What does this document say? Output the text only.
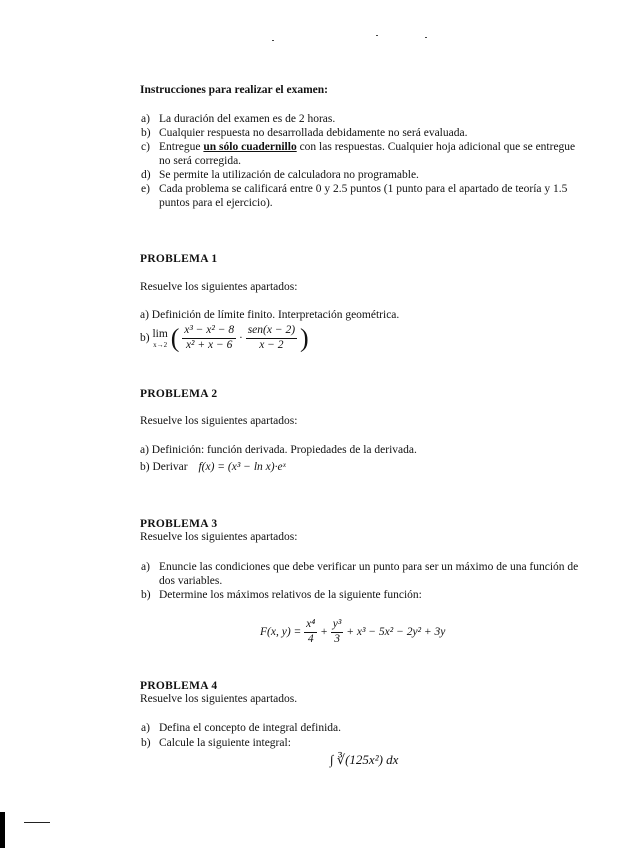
Instrucciones para realizar el examen:
a) La duración del examen es de 2 horas.
b) Cualquier respuesta no desarrollada debidamente no será evaluada.
c) Entregue un sólo cuadernillo con las respuestas. Cualquier hoja adicional que se entregue no será corregida.
d) Se permite la utilización de calculadora no programable.
e) Cada problema se calificará entre 0 y 2.5 puntos (1 punto para el apartado de teoría y 1.5 puntos para el ejercicio).
PROBLEMA 1
Resuelve los siguientes apartados:
a) Definición de límite finito. Interpretación geométrica.
b) lim
x→2 ( $\frac{\text{x³ − x² − 8}}{\text{x² + x − 6}} \cdot \frac{\text{sen(x − 2)}}{x - 2}$ )
PROBLEMA 2
Resuelve los siguientes apartados:
a) Definición: función derivada. Propiedades de la derivada.
b) Derivar f(x) = (x³ − ln x)·eˣ
PROBLEMA 3
Resuelve los siguientes apartados:
a) Enuncie las condiciones que debe verificar un punto para ser un máximo de una función de dos variables.
b) Determine los máximos relativos de la siguiente función:
F(x, $y) = \frac{\text{x⁴}}{4} + \frac{\text{y³}}{3} + x^3 - 5x^2 - 2y^2 + 3y$
PROBLEMA 4
Resuelve los siguientes apartados.
a) Defina el concepto de integral definida.
b) Calcule la siguiente integral:
∫ ∛(125x²) dx
